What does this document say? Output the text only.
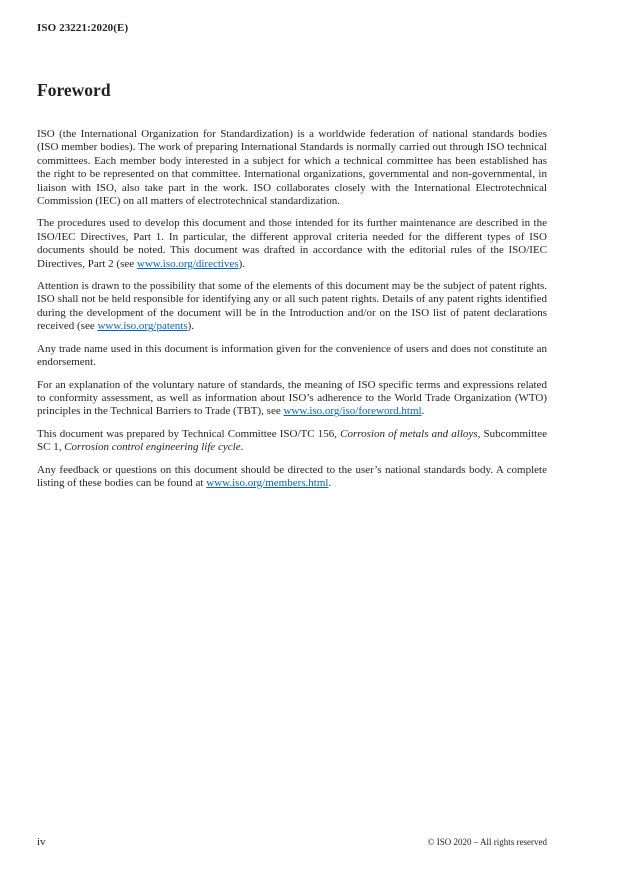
ISO 23221:2020(E)
Foreword

ISO (the International Organization for Standardization) is a worldwide federation of national standards bodies (ISO member bodies). The work of preparing International Standards is normally carried out through ISO technical committees. Each member body interested in a subject for which a technical committee has been established has the right to be represented on that committee. International organizations, governmental and non-governmental, in liaison with ISO, also take part in the work. ISO collaborates closely with the International Electrotechnical Commission (IEC) on all matters of electrotechnical standardization.

The procedures used to develop this document and those intended for its further maintenance are described in the ISO/IEC Directives, Part 1. In particular, the different approval criteria needed for the different types of ISO documents should be noted. This document was drafted in accordance with the editorial rules of the ISO/IEC Directives, Part 2 (see www.iso.org/directives).

Attention is drawn to the possibility that some of the elements of this document may be the subject of patent rights. ISO shall not be held responsible for identifying any or all such patent rights. Details of any patent rights identified during the development of the document will be in the Introduction and/or on the ISO list of patent declarations received (see www.iso.org/patents).

Any trade name used in this document is information given for the convenience of users and does not constitute an endorsement.

For an explanation of the voluntary nature of standards, the meaning of ISO specific terms and expressions related to conformity assessment, as well as information about ISO’s adherence to the World Trade Organization (WTO) principles in the Technical Barriers to Trade (TBT), see www.iso.org/iso/foreword.html.

This document was prepared by Technical Committee ISO/TC 156, Corrosion of metals and alloys, Subcommittee SC 1, Corrosion control engineering life cycle.

Any feedback or questions on this document should be directed to the user’s national standards body. A complete listing of these bodies can be found at www.iso.org/members.html.

iv	© ISO 2020 – All rights reserved
